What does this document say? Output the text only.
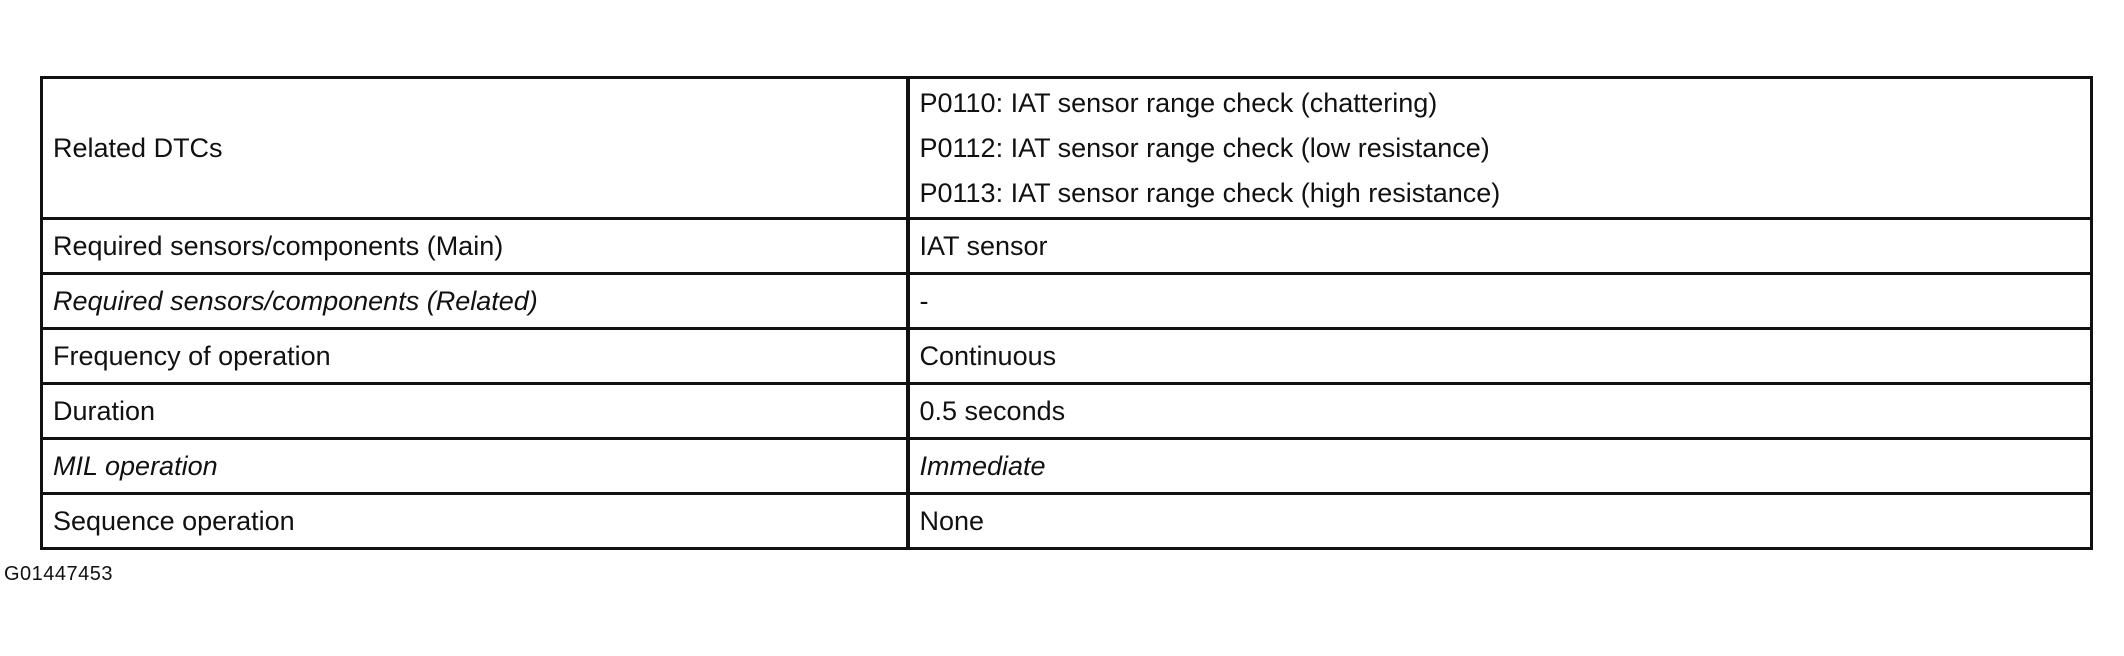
Related DTCs	P0110: IAT sensor range check (chattering)
P0112: IAT sensor range check (low resistance)
P0113: IAT sensor range check (high resistance)

Required sensors/components (Main)	IAT sensor
Required sensors/components (Related)	-
Frequency of operation	Continuous
Duration	0.5 seconds
MIL operation	Immediate
Sequence operation	None
G01447453
